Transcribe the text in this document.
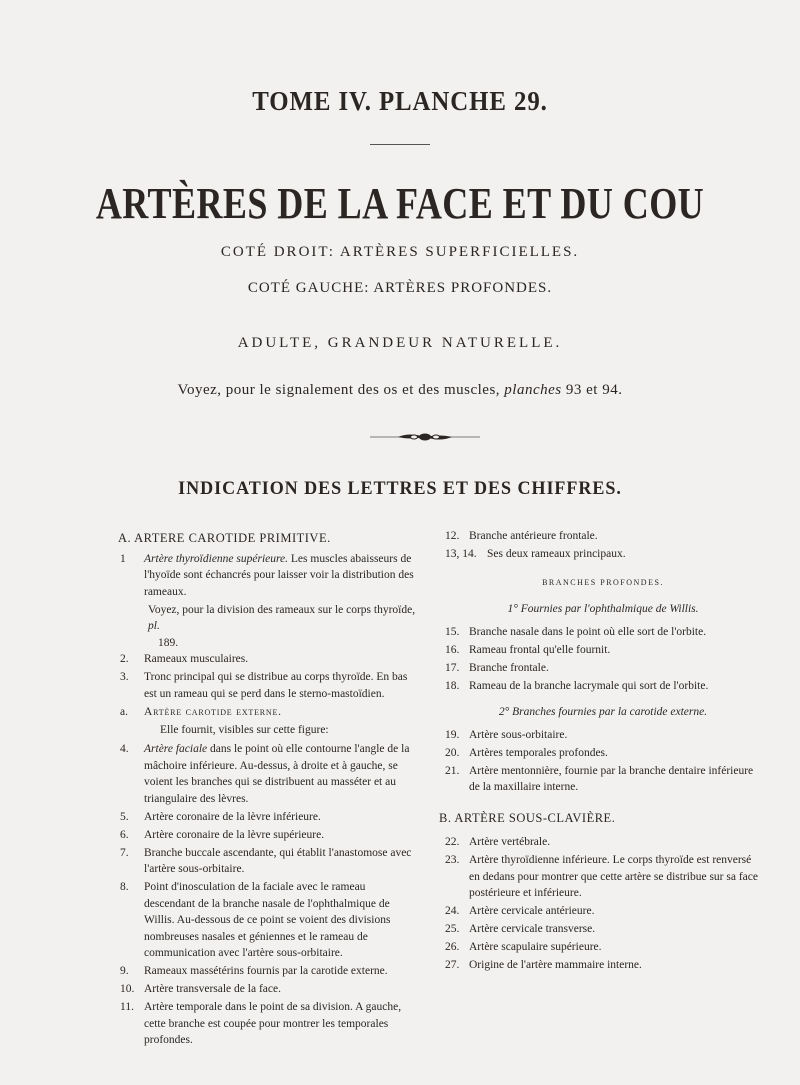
TOME IV. PLANCHE 29.
ARTÈRES DE LA FACE ET DU COU
COTÉ DROIT: ARTÈRES SUPERFICIELLES.
COTÉ GAUCHE: ARTÈRES PROFONDES.
ADULTE, GRANDEUR NATURELLE.
Voyez, pour le signalement des os et des muscles, planches 93 et 94.
INDICATION DES LETTRES ET DES CHIFFRES.
A. ARTERE CAROTIDE PRIMITIVE.
1	Artère thyroïdienne supérieure. Les muscles abaisseurs de l'hyoïde sont échancrés pour laisser voir la distribution des rameaux.
Voyez, pour la division des rameaux sur le corps thyroïde, pl.
189.
2.	Rameaux musculaires.
3.	Tronc principal qui se distribue au corps thyroïde. En bas est un rameau qui se perd dans le sterno-mastoïdien.
a.	Artère carotide externe.
Elle fournit, visibles sur cette figure:
4.	Artère faciale dans le point où elle contourne l'angle de la mâchoire inférieure. Au-dessus, à droite et à gauche, se voient les branches qui se distribuent au masséter et au triangulaire des lèvres.
5.	Artère coronaire de la lèvre inférieure.
6.	Artère coronaire de la lèvre supérieure.
7.	Branche buccale ascendante, qui établit l'anastomose avec l'artère sous-orbitaire.
8.	Point d'inosculation de la faciale avec le rameau descendant de la branche nasale de l'ophthalmique de Willis. Au-dessous de ce point se voient des divisions nombreuses nasales et géniennes et le rameau de communication avec l'artère sous-orbitaire.
9.	Rameaux massétérins fournis par la carotide externe.
10. Artère transversale de la face.
11. Artère temporale dans le point de sa division. A gauche, cette branche est coupée pour montrer les temporales profondes.
12. Branche antérieure frontale.
13, 14. Ses deux rameaux principaux.
BRANCHES PROFONDES.
1° Fournies par l'ophthalmique de Willis.
15. Branche nasale dans le point où elle sort de l'orbite.
16. Rameau frontal qu'elle fournit.
17. Branche frontale.
18. Rameau de la branche lacrymale qui sort de l'orbite.
2° Branches fournies par la carotide externe.
19. Artère sous-orbitaire.
20. Artères temporales profondes.
21. Artère mentonnière, fournie par la branche dentaire inférieure de la maxillaire interne.
B. ARTÈRE SOUS-CLAVIÈRE.
22. Artère vertébrale.
23. Artère thyroïdienne inférieure. Le corps thyroïde est renversé en dedans pour montrer que cette artère se distribue sur sa face postérieure et inférieure.
24. Artère cervicale antérieure.
25. Artère cervicale transverse.
26. Artère scapulaire supérieure.
27. Origine de l'artère mammaire interne.
